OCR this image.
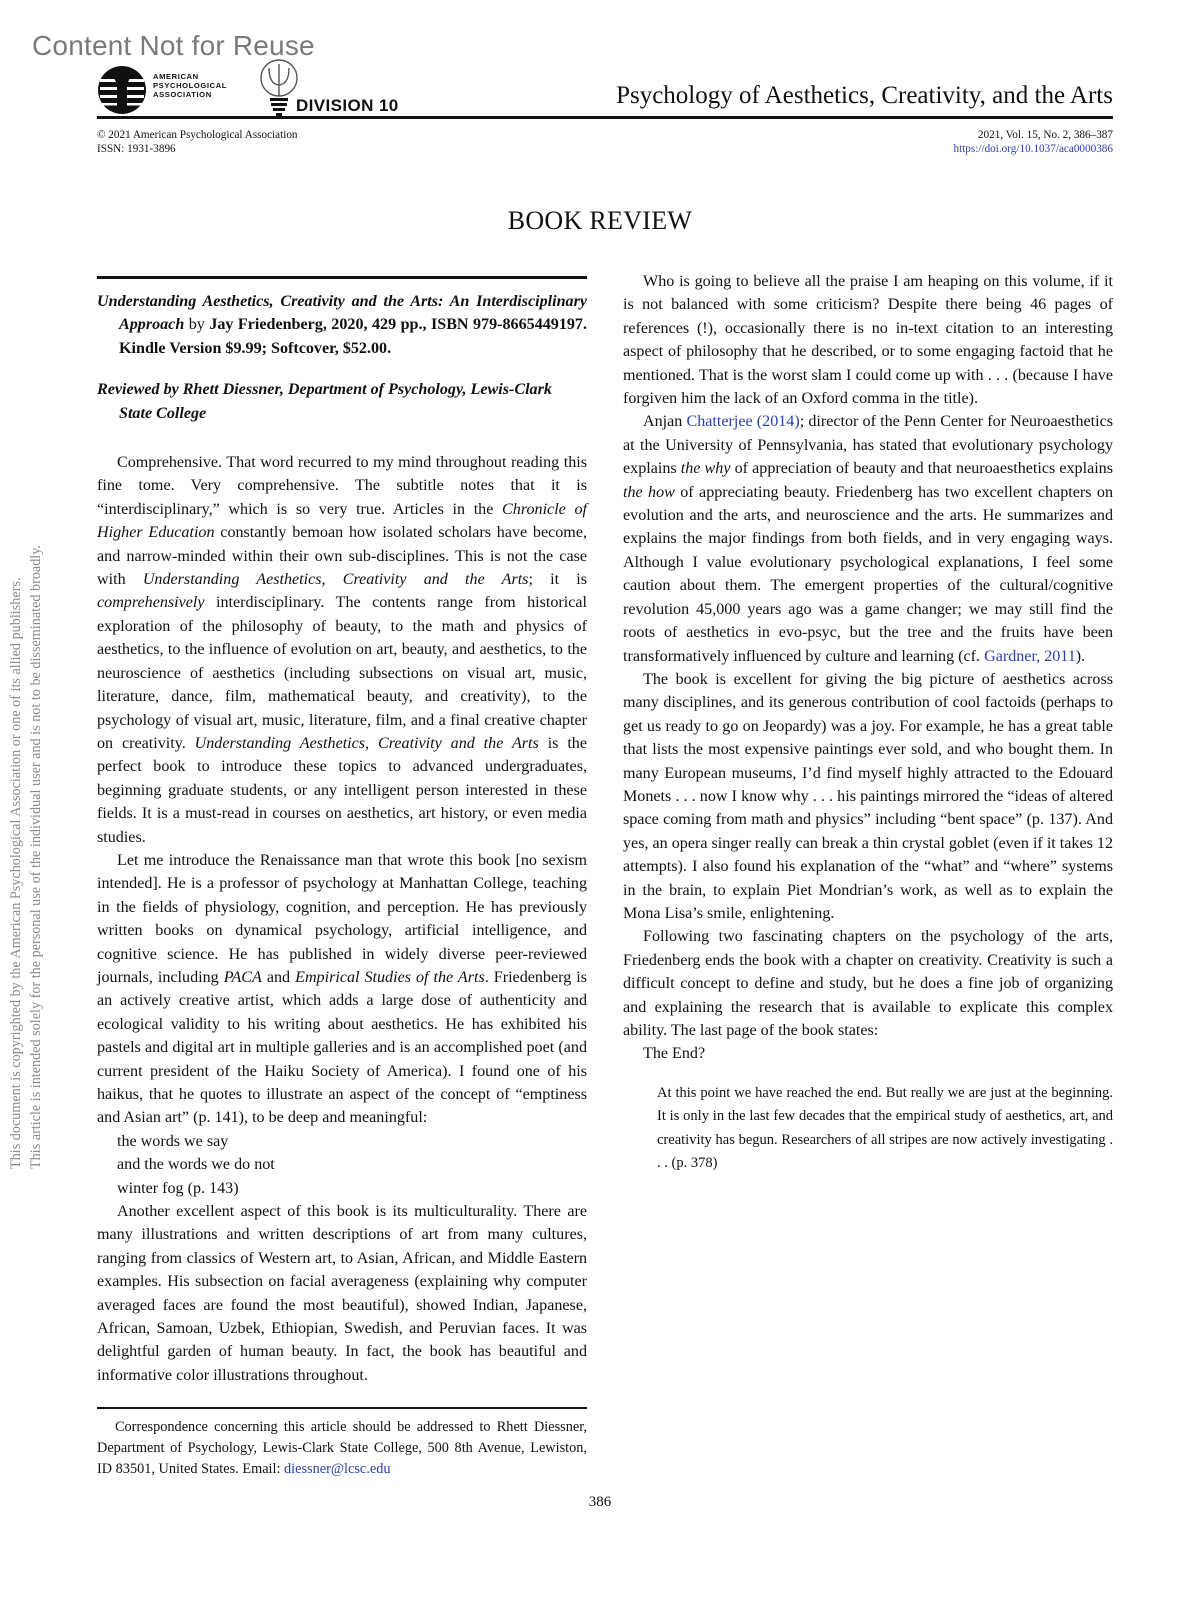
Content Not for Reuse
AMERICAN PSYCHOLOGICAL ASSOCIATION
DIVISION 10	Psychology of Aesthetics, Creativity, and the Arts
© 2021 American Psychological Association
ISSN: 1931-3896
2021, Vol. 15, No. 2, 386–387
https://doi.org/10.1037/aca0000386
BOOK REVIEW
Understanding Aesthetics, Creativity and the Arts: An Interdisciplinary Approach by Jay Friedenberg, 2020, 429 pp., ISBN 979-8665449197. Kindle Version $9.99; Softcover, $52.00.
Reviewed by Rhett Diessner, Department of Psychology, Lewis-Clark State College

Comprehensive. That word recurred to my mind throughout reading this fine tome. Very comprehensive. The subtitle notes that it is “interdisciplinary,” which is so very true. Articles in the Chronicle of Higher Education constantly bemoan how isolated scholars have become, and narrow-minded within their own sub-disciplines. This is not the case with Understanding Aesthetics, Creativity and the Arts; it is comprehensively interdisciplinary. The contents range from historical exploration of the philosophy of beauty, to the math and physics of aesthetics, to the influence of evolution on art, beauty, and aesthetics, to the neuroscience of aesthetics (including subsections on visual art, music, literature, dance, film, mathematical beauty, and creativity), to the psychology of visual art, music, literature, film, and a final creative chapter on creativity. Understanding Aesthetics, Creativity and the Arts is the perfect book to introduce these topics to advanced undergraduates, beginning graduate students, or any intelligent person interested in these fields. It is a must-read in courses on aesthetics, art history, or even media studies.

Let me introduce the Renaissance man that wrote this book [no sexism intended]. He is a professor of psychology at Manhattan College, teaching in the fields of physiology, cognition, and perception. He has previously written books on dynamical psychology, artificial intelligence, and cognitive science. He has published in widely diverse peer-reviewed journals, including PACA and Empirical Studies of the Arts. Friedenberg is an actively creative artist, which adds a large dose of authenticity and ecological validity to his writing about aesthetics. He has exhibited his pastels and digital art in multiple galleries and is an accomplished poet (and current president of the Haiku Society of America). I found one of his haikus, that he quotes to illustrate an aspect of the concept of “emptiness and Asian art” (p. 141), to be deep and meaningful:

the words we say
and the words we do not
winter fog (p. 143)

Another excellent aspect of this book is its multiculturality. There are many illustrations and written descriptions of art from many cultures, ranging from classics of Western art, to Asian, African, and Middle Eastern examples. His subsection on facial averageness (explaining why computer averaged faces are found the most beautiful), showed Indian, Japanese, African, Samoan, Uzbek, Ethiopian, Swedish, and Peruvian faces. It was delightful garden of human beauty. In fact, the book has beautiful and informative color illustrations throughout.

Correspondence concerning this article should be addressed to Rhett Diessner, Department of Psychology, Lewis-Clark State College, 500 8th Avenue, Lewiston, ID 83501, United States. Email: diessner@lcsc.edu
386
This document is copyrighted by the American Psychological Association or one of its allied publishers. This article is intended solely for the personal use of the individual user and is not to be disseminated broadly.

Who is going to believe all the praise I am heaping on this volume, if it is not balanced with some criticism? Despite there being 46 pages of references (!), occasionally there is no in-text citation to an interesting aspect of philosophy that he described, or to some engaging factoid that he mentioned. That is the worst slam I could come up with . . . (because I have forgiven him the lack of an Oxford comma in the title).

Anjan Chatterjee (2014); director of the Penn Center for Neuroaesthetics at the University of Pennsylvania, has stated that evolutionary psychology explains the why of appreciation of beauty and that neuroaesthetics explains the how of appreciating beauty. Friedenberg has two excellent chapters on evolution and the arts, and neuroscience and the arts. He summarizes and explains the major findings from both fields, and in very engaging ways. Although I value evolutionary psychological explanations, I feel some caution about them. The emergent properties of the cultural/cognitive revolution 45,000 years ago was a game changer; we may still find the roots of aesthetics in evo-psyc, but the tree and the fruits have been transformatively influenced by culture and learning (cf. Gardner, 2011).

The book is excellent for giving the big picture of aesthetics across many disciplines, and its generous contribution of cool factoids (perhaps to get us ready to go on Jeopardy) was a joy. For example, he has a great table that lists the most expensive paintings ever sold, and who bought them. In many European museums, I’d find myself highly attracted to the Edouard Monets . . . now I know why . . . his paintings mirrored the “ideas of altered space coming from math and physics” including “bent space” (p. 137). And yes, an opera singer really can break a thin crystal goblet (even if it takes 12 attempts). I also found his explanation of the “what” and “where” systems in the brain, to explain Piet Mondrian’s work, as well as to explain the Mona Lisa’s smile, enlightening.

Following two fascinating chapters on the psychology of the arts, Friedenberg ends the book with a chapter on creativity. Creativity is such a difficult concept to define and study, but he does a fine job of organizing and explaining the research that is available to explicate this complex ability. The last page of the book states:

The End?

At this point we have reached the end. But really we are just at the beginning. It is only in the last few decades that the empirical study of aesthetics, art, and creativity has begun. Researchers of all stripes are now actively investigating . . . (p. 378)
